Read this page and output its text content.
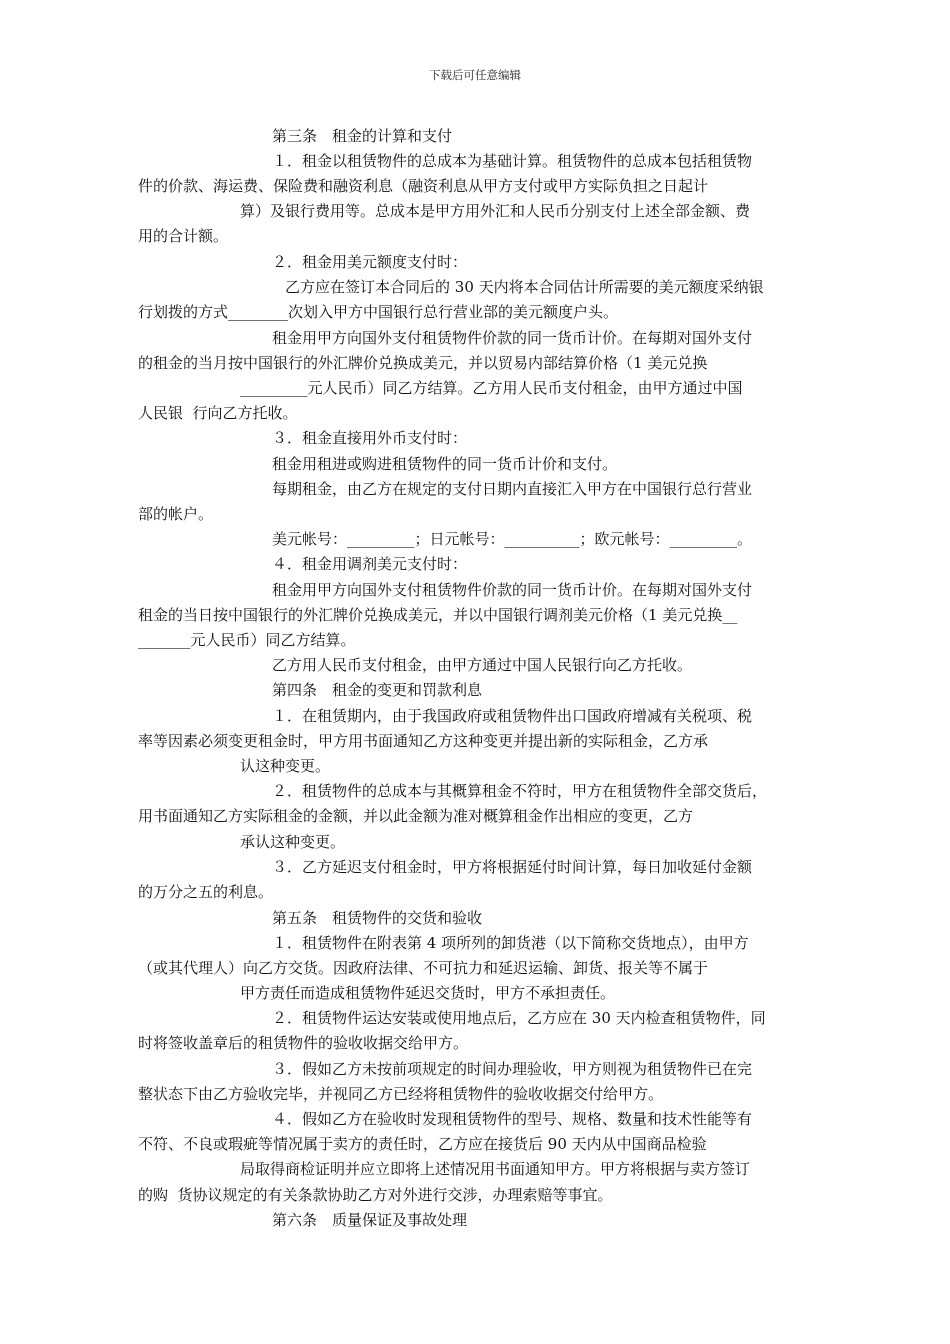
下载后可任意编辑
第三条　租金的计算和支付
１．租金以租赁物件的总成本为基础计算。租赁物件的总成本包括租赁物
件的价款、海运费、保险费和融资利息（融资利息从甲方支付或甲方实际负担之日起计
算）及银行费用等。总成本是甲方用外汇和人民币分别支付上述全部金额、费
用的合计额。
２．租金用美元额度支付时：
乙方应在签订本合同后的 30 天内将本合同估计所需要的美元额度采纳银
行划拨的方式________次划入甲方中国银行总行营业部的美元额度户头。
租金用甲方向国外支付租赁物件价款的同一货币计价。在每期对国外支付
的租金的当月按中国银行的外汇牌价兑换成美元，并以贸易内部结算价格（1 美元兑换
_________元人民币）同乙方结算。乙方用人民币支付租金，由甲方通过中国
人民银  行向乙方托收。
３．租金直接用外币支付时：
租金用租进或购进租赁物件的同一货币计价和支付。
每期租金，由乙方在规定的支付日期内直接汇入甲方在中国银行总行营业
部的帐户。
美元帐号：_________；日元帐号：__________；欧元帐号：_________。
４．租金用调剂美元支付时：
租金用甲方向国外支付租赁物件价款的同一货币计价。在每期对国外支付
租金的当日按中国银行的外汇牌价兑换成美元，并以中国银行调剂美元价格（1 美元兑换__
_______元人民币）同乙方结算。
乙方用人民币支付租金，由甲方通过中国人民银行向乙方托收。
第四条　租金的变更和罚款利息
１．在租赁期内，由于我国政府或租赁物件出口国政府增减有关税项、税
率等因素必须变更租金时，甲方用书面通知乙方这种变更并提出新的实际租金，乙方承
认这种变更。
２．租赁物件的总成本与其概算租金不符时，甲方在租赁物件全部交货后，
用书面通知乙方实际租金的金额，并以此金额为准对概算租金作出相应的变更，乙方
承认这种变更。
３．乙方延迟支付租金时，甲方将根据延付时间计算，每日加收延付金额
的万分之五的利息。
第五条　租赁物件的交货和验收
１．租赁物件在附表第 4 项所列的卸货港（以下简称交货地点），由甲方
（或其代理人）向乙方交货。因政府法律、不可抗力和延迟运输、卸货、报关等不属于
甲方责任而造成租赁物件延迟交货时，甲方不承担责任。
２．租赁物件运达安装或使用地点后，乙方应在 30 天内检查租赁物件，同
时将签收盖章后的租赁物件的验收收据交给甲方。
３．假如乙方未按前项规定的时间办理验收，甲方则视为租赁物件已在完
整状态下由乙方验收完毕，并视同乙方已经将租赁物件的验收收据交付给甲方。
４．假如乙方在验收时发现租赁物件的型号、规格、数量和技术性能等有
不符、不良或瑕疵等情况属于卖方的责任时，乙方应在接货后 90 天内从中国商品检验
局取得商检证明并应立即将上述情况用书面通知甲方。甲方将根据与卖方签订
的购  货协议规定的有关条款协助乙方对外进行交涉，办理索赔等事宜。
第六条　质量保证及事故处理
